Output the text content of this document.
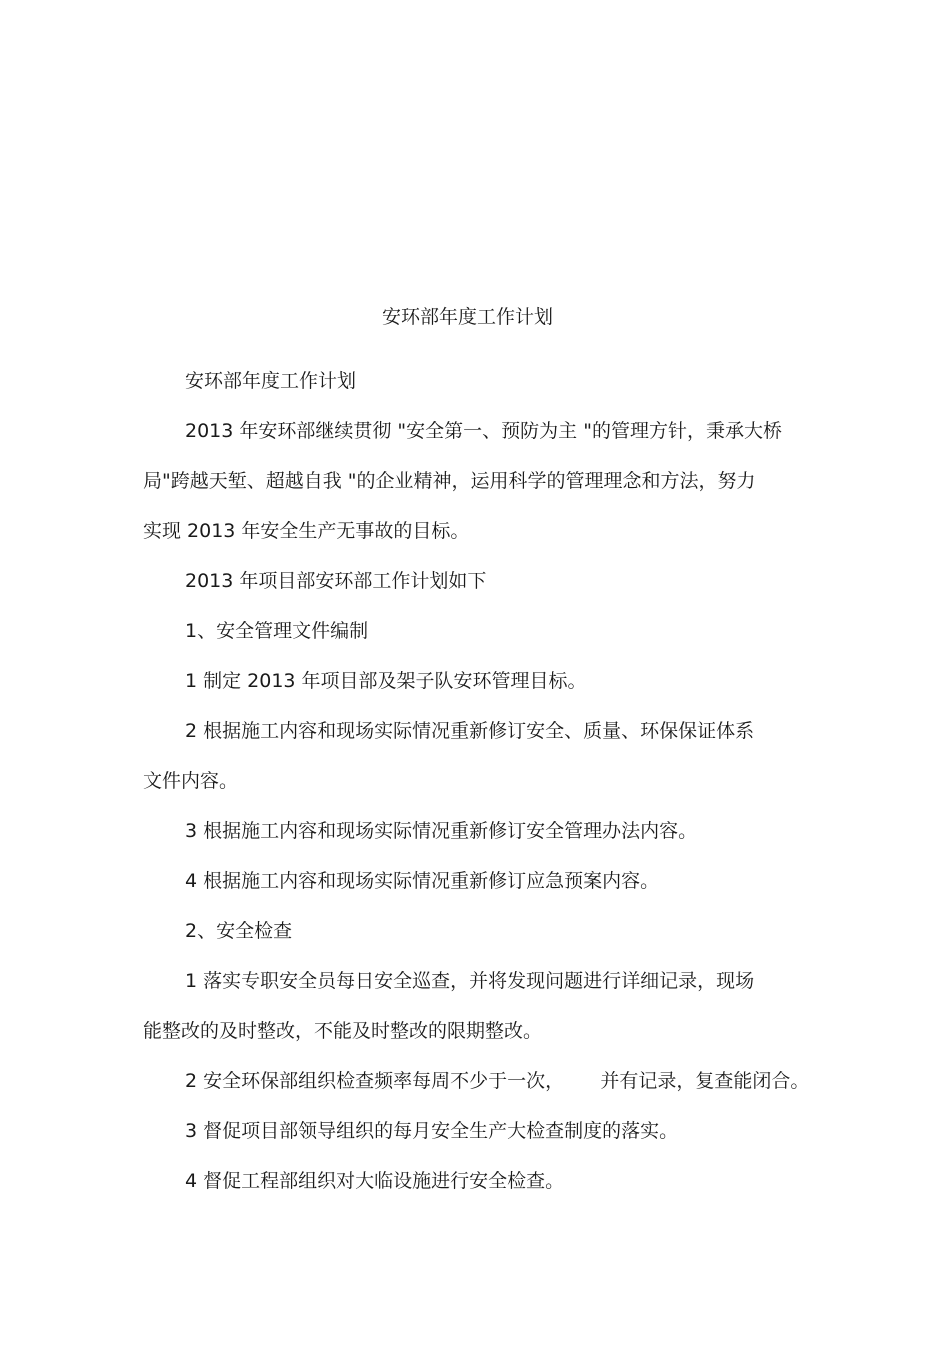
安环部年度工作计划
安环部年度工作计划
2013 年安环部继续贯彻 "安全第一、预防为主 "的管理方针，秉承大桥
局"跨越天堑、超越自我 "的企业精神，运用科学的管理理念和方法，努力
实现 2013 年安全生产无事故的目标。
2013 年项目部安环部工作计划如下
1、安全管理文件编制
1 制定 2013 年项目部及架子队安环管理目标。
2 根据施工内容和现场实际情况重新修订安全、质量、环保保证体系
文件内容。
3 根据施工内容和现场实际情况重新修订安全管理办法内容。
4 根据施工内容和现场实际情况重新修订应急预案内容。
2、安全检查
1 落实专职安全员每日安全巡查，并将发现问题进行详细记录，现场
能整改的及时整改，不能及时整改的限期整改。
2 安全环保部组织检查频率每周不少于一次，      并有记录，复查能闭合。
3 督促项目部领导组织的每月安全生产大检查制度的落实。
4 督促工程部组织对大临设施进行安全检查。
